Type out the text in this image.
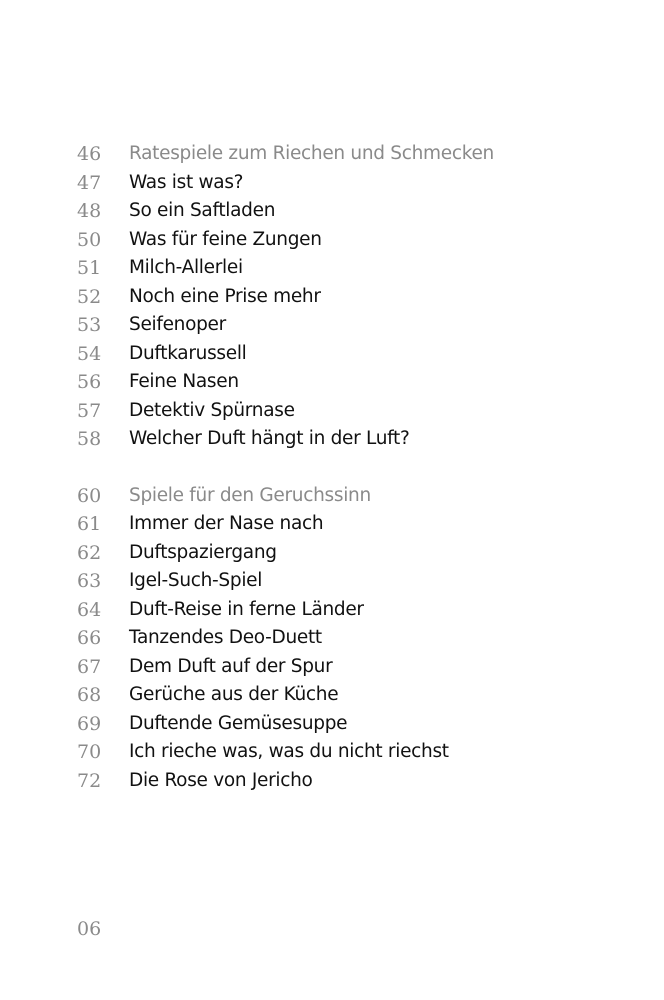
46	Ratespiele zum Riechen und Schmecken
47	Was ist was?
48	So ein Saftladen
50	Was für feine Zungen
51	Milch-Allerlei
52	Noch eine Prise mehr
53	Seifenoper
54	Duftkarussell
56	Feine Nasen
57	Detektiv Spürnase
58	Welcher Duft hängt in der Luft?
60	Spiele für den Geruchssinn
61	Immer der Nase nach
62	Duftspaziergang
63	Igel-Such-Spiel
64	Duft-Reise in ferne Länder
66	Tanzendes Deo-Duett
67	Dem Duft auf der Spur
68	Gerüche aus der Küche
69	Duftende Gemüsesuppe
70	Ich rieche was, was du nicht riechst
72	Die Rose von Jericho
06
